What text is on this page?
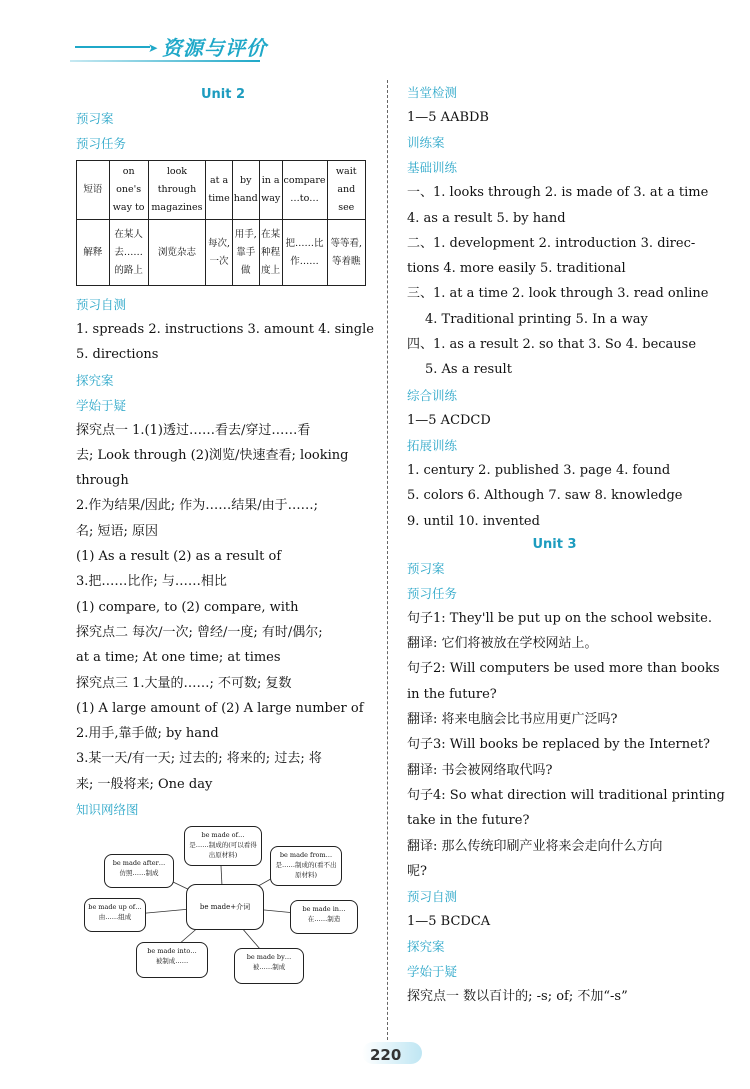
➤ 资源与评价
Unit 2
预习案
预习任务
短语	on one's way to	look through magazines	at a time	by hand	in a way	compare …to…	wait and see
解释	在某人去……的路上	浏览杂志	每次,一次	用手,靠手做	在某种程度上	把……比作……	等等看,等着瞧
预习自测
1. spreads 2. instructions 3. amount 4. single
5. directions
探究案
学始于疑
探究点一 1.(1)透过……看去/穿过……看
去; Look through (2)浏览/快速查看; looking
through
2.作为结果/因此; 作为……结果/由于……;
名; 短语; 原因
(1) As a result (2) as a result of
3.把……比作; 与……相比
(1) compare, to (2) compare, with
探究点二 每次/一次; 曾经/一度; 有时/偶尔;
at a time; At one time; at times
探究点三 1.大量的……; 不可数; 复数
(1) A large amount of (2) A large number of
2.用手,靠手做; by hand
3.某一天/有一天; 过去的; 将来的; 过去; 将
来; 一般将来; One day
知识网络图
be made of…
是……制成的(可以看得出原材料)	be made from…
是……制成的(看不出原材料)
be made after…
仿照……制成
be made+介词
be made up of…
由……组成
be made in…
在……制造
be made into…
被制成……	be made by…
被……制成
当堂检测
1—5 AABDB
训练案
基础训练
一、1. looks through 2. is made of 3. at a time
4. as a result 5. by hand
二、1. development 2. introduction 3. direc-
tions 4. more easily 5. traditional
三、1. at a time 2. look through 3. read online
4. Traditional printing 5. In a way
四、1. as a result 2. so that 3. So 4. because
5. As a result
综合训练
1—5 ACDCD
拓展训练
1. century 2. published 3. page 4. found
5. colors 6. Although 7. saw 8. knowledge
9. until 10. invented
Unit 3
预习案
预习任务
句子1: They'll be put up on the school website.
翻译: 它们将被放在学校网站上。
句子2: Will computers be used more than books
in the future?
翻译: 将来电脑会比书应用更广泛吗?
句子3: Will books be replaced by the Internet?
翻译: 书会被网络取代吗?
句子4: So what direction will traditional printing
take in the future?
翻译: 那么传统印刷产业将来会走向什么方向
呢?
预习自测
1—5 BCDCA
探究案
学始于疑
探究点一 数以百计的; -s; of; 不加“-s”
220
